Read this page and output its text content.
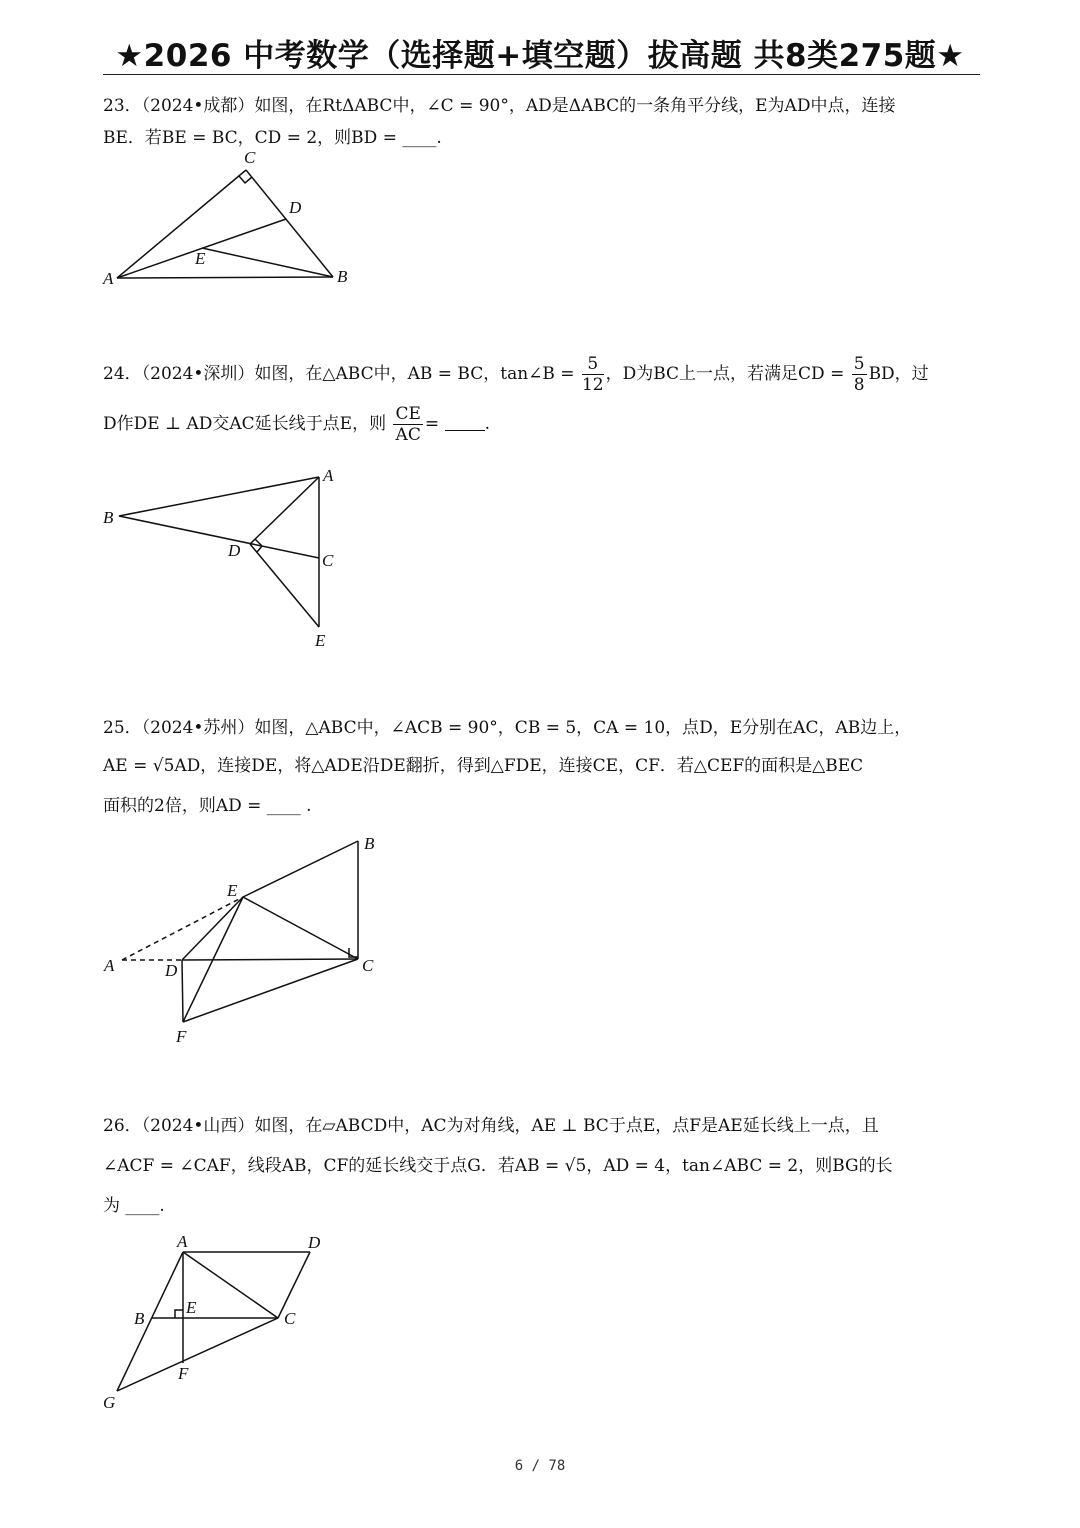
★2026 中考数学（选择题+填空题）拔高题 共8类275题★
23．（2024•成都）如图，在RtΔABC中，∠C = 90°，AD是ΔABC的一条角平分线，E为AD中点，连接
BE．若BE = BC，CD = 2，则BD = ____.
A	B
C
D
E
24．（2024•深圳）如图，在△ABC中，AB = BC，tan∠B = $\frac{5}{12}$ ，D为BC上一点，若满足CD = $\frac{5}{8}$ BD，过
D作DE ⊥ AD交AC延长线于点E，则 $\frac{CE}{AC}$ =	.
B
A
D
C
E
25．（2024•苏州）如图，△ABC中，∠ACB = 90°，CB = 5，CA = 10，点D，E分别在AC，AB边上，
AE = √5AD，连接DE，将△ADE沿DE翻折，得到△FDE，连接CE，CF．若△CEF的面积是△BEC
面积的2倍，则AD = ____ .
A
B
C
D
E
F
26．（2024•山西）如图，在▱ABCD中，AC为对角线，AE ⊥ BC于点E，点F是AE延长线上一点，且
∠ACF = ∠CAF，线段AB，CF的延长线交于点G．若AB = √5，AD = 4，tan∠ABC = 2，则BG的长
为 ____.
A	D
B
E
C
F
G
6 / 78
